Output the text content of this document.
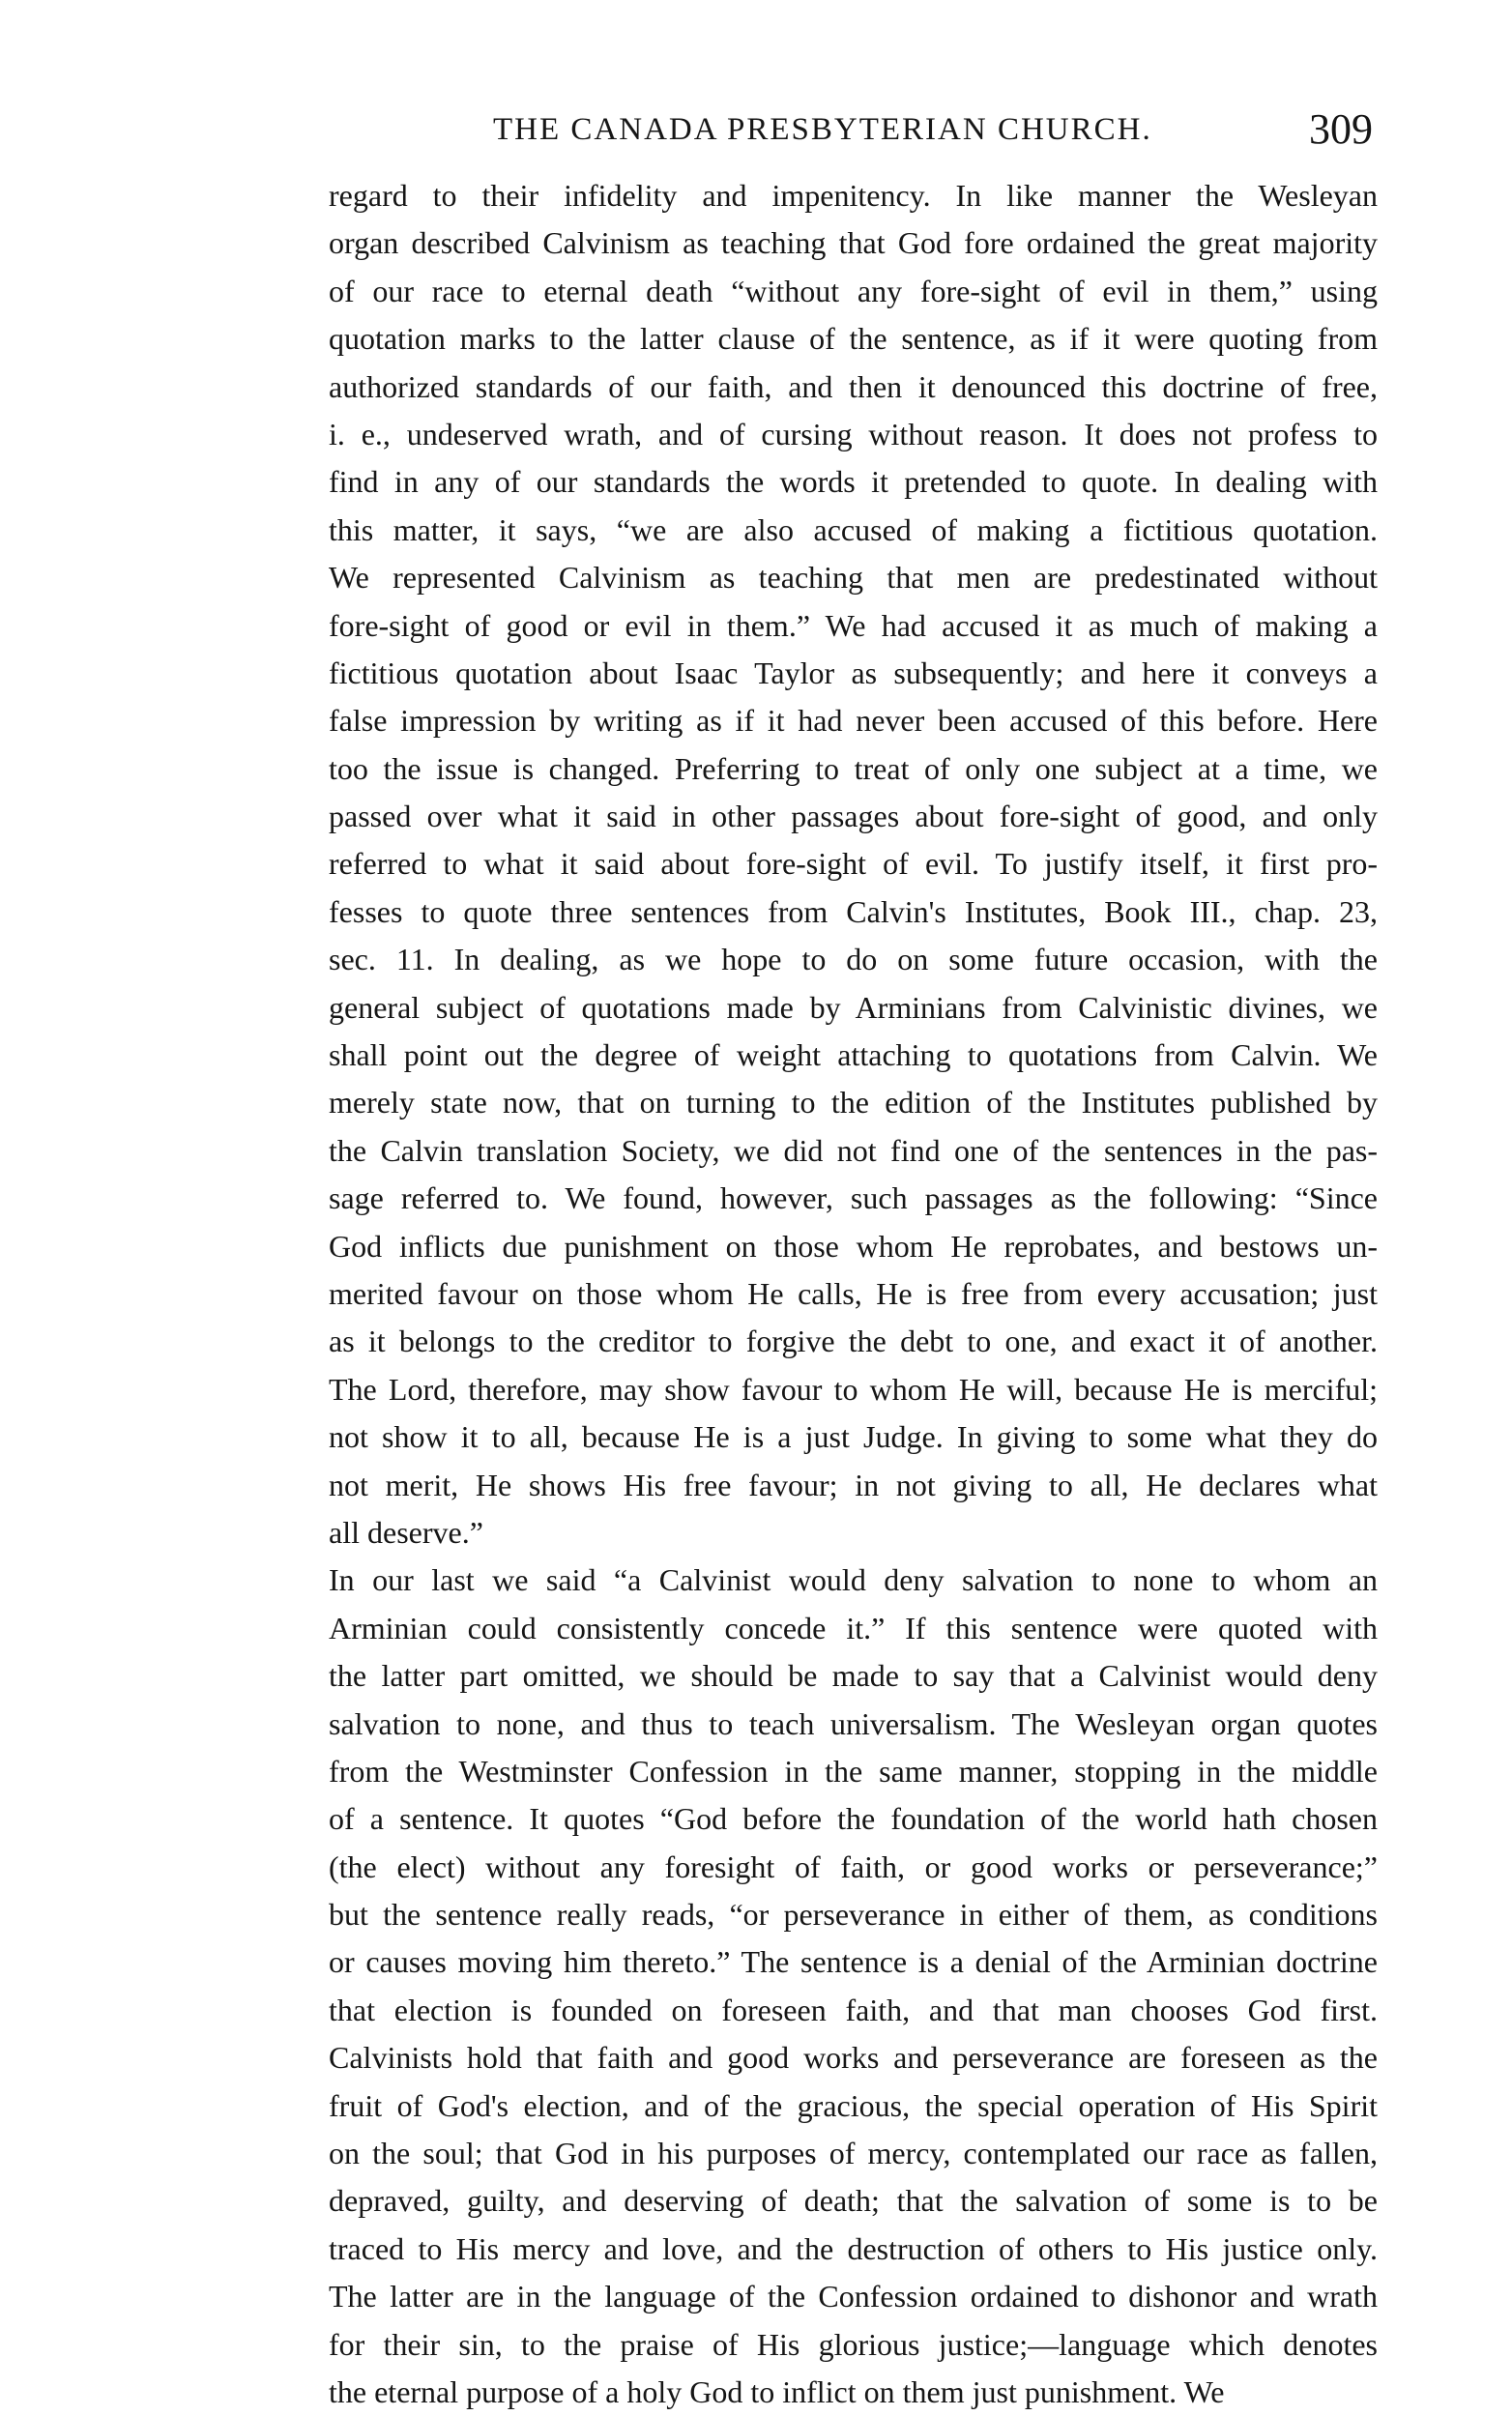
THE CANADA PRESBYTERIAN CHURCH.	309
regard to their infidelity and impenitency. In like manner the Wesleyan
organ described Calvinism as teaching that God fore ordained the great majority
of our race to eternal death “without any fore-sight of evil in them,” using
quotation marks to the latter clause of the sentence, as if it were quoting from
authorized standards of our faith, and then it denounced this doctrine of free,
i. e., undeserved wrath, and of cursing without reason. It does not profess to
find in any of our standards the words it pretended to quote. In dealing with
this matter, it says, “we are also accused of making a fictitious quotation.
We represented Calvinism as teaching that men are predestinated without
fore-sight of good or evil in them.” We had accused it as much of making a
fictitious quotation about Isaac Taylor as subsequently; and here it conveys a
false impression by writing as if it had never been accused of this before. Here
too the issue is changed. Preferring to treat of only one subject at a time, we
passed over what it said in other passages about fore-sight of good, and only
referred to what it said about fore-sight of evil. To justify itself, it first pro-
fesses to quote three sentences from Calvin's Institutes, Book III., chap. 23,
sec. 11. In dealing, as we hope to do on some future occasion, with the
general subject of quotations made by Arminians from Calvinistic divines, we
shall point out the degree of weight attaching to quotations from Calvin. We
merely state now, that on turning to the edition of the Institutes published by
the Calvin translation Society, we did not find one of the sentences in the pas-
sage referred to. We found, however, such passages as the following: “Since
God inflicts due punishment on those whom He reprobates, and bestows un-
merited favour on those whom He calls, He is free from every accusation; just
as it belongs to the creditor to forgive the debt to one, and exact it of another.
The Lord, therefore, may show favour to whom He will, because He is merciful;
not show it to all, because He is a just Judge. In giving to some what they do
not merit, He shows His free favour; in not giving to all, He declares what
all deserve.”
In our last we said “a Calvinist would deny salvation to none to whom an
Arminian could consistently concede it.” If this sentence were quoted with
the latter part omitted, we should be made to say that a Calvinist would deny
salvation to none, and thus to teach universalism. The Wesleyan organ quotes
from the Westminster Confession in the same manner, stopping in the middle
of a sentence. It quotes “God before the foundation of the world hath chosen
(the elect) without any foresight of faith, or good works or perseverance;”
but the sentence really reads, “or perseverance in either of them, as conditions
or causes moving him thereto.” The sentence is a denial of the Arminian doctrine
that election is founded on foreseen faith, and that man chooses God first.
Calvinists hold that faith and good works and perseverance are foreseen as the
fruit of God's election, and of the gracious, the special operation of His Spirit
on the soul; that God in his purposes of mercy, contemplated our race as fallen,
depraved, guilty, and deserving of death; that the salvation of some is to be
traced to His mercy and love, and the destruction of others to His justice only.
The latter are in the language of the Confession ordained to dishonor and wrath
for their sin, to the praise of His glorious justice;—language which denotes
the eternal purpose of a holy God to inflict on them just punishment. We
